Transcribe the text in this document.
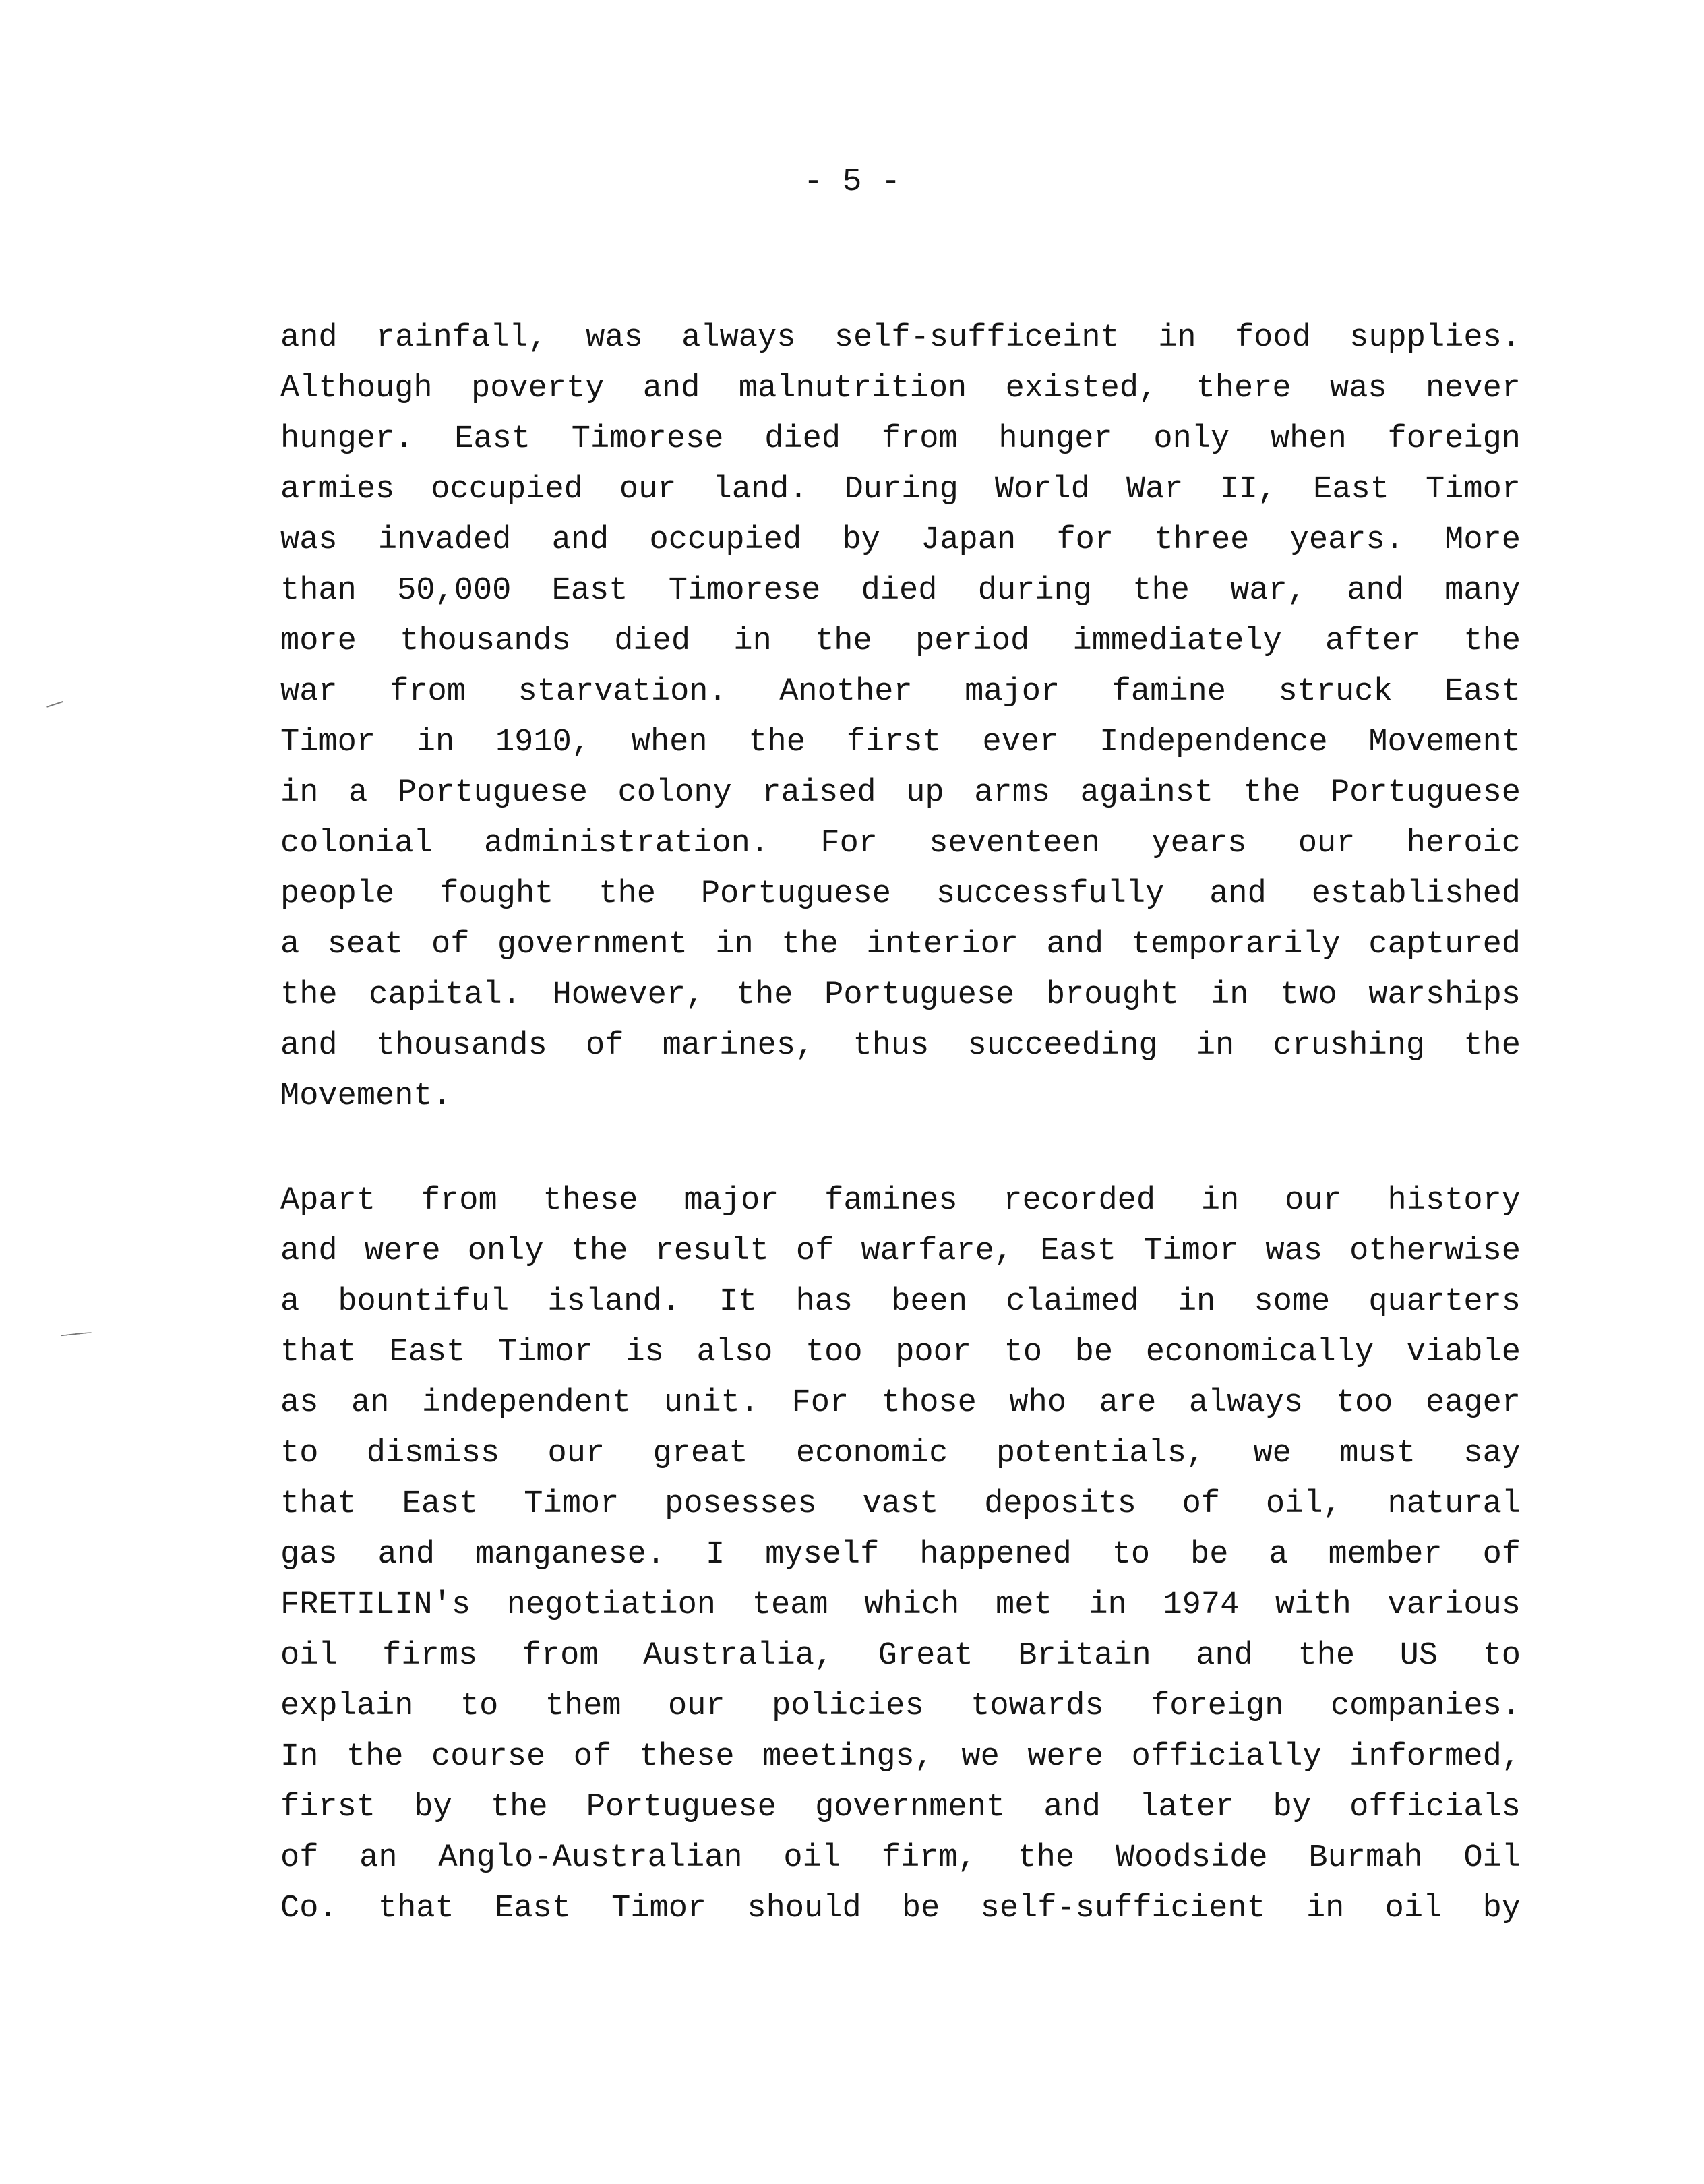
- 5 -
and rainfall, was always self-sufficeint in food supplies.
Although poverty and malnutrition existed, there was never
hunger. East Timorese died from hunger only when foreign
armies occupied our land. During World War II, East Timor
was invaded and occupied by Japan for three years. More
than 50,000 East Timorese died during the war, and many
more thousands died in the period immediately after the
war from starvation. Another major famine struck East
Timor in 1910, when the first ever Independence Movement
in a Portuguese colony raised up arms against the Portuguese
colonial administration. For seventeen years our heroic
people fought the Portuguese successfully and established
a seat of government in the interior and temporarily captured
the capital. However, the Portuguese brought in two warships
and thousands of marines, thus succeeding in crushing the
Movement.
Apart from these major famines recorded in our history
and were only the result of warfare, East Timor was otherwise
a bountiful island. It has been claimed in some quarters
that East Timor is also too poor to be economically viable
as an independent unit. For those who are always too eager
to dismiss our great economic potentials, we must say
that East Timor posesses vast deposits of oil, natural
gas and manganese. I myself happened to be a member of
FRETILIN's negotiation team which met in 1974 with various
oil firms from Australia, Great Britain and the US to
explain to them our policies towards foreign companies.
In the course of these meetings, we were officially informed,
first by the Portuguese government and later by officials
of an Anglo-Australian oil firm, the Woodside Burmah Oil
Co. that East Timor should be self-sufficient in oil by
